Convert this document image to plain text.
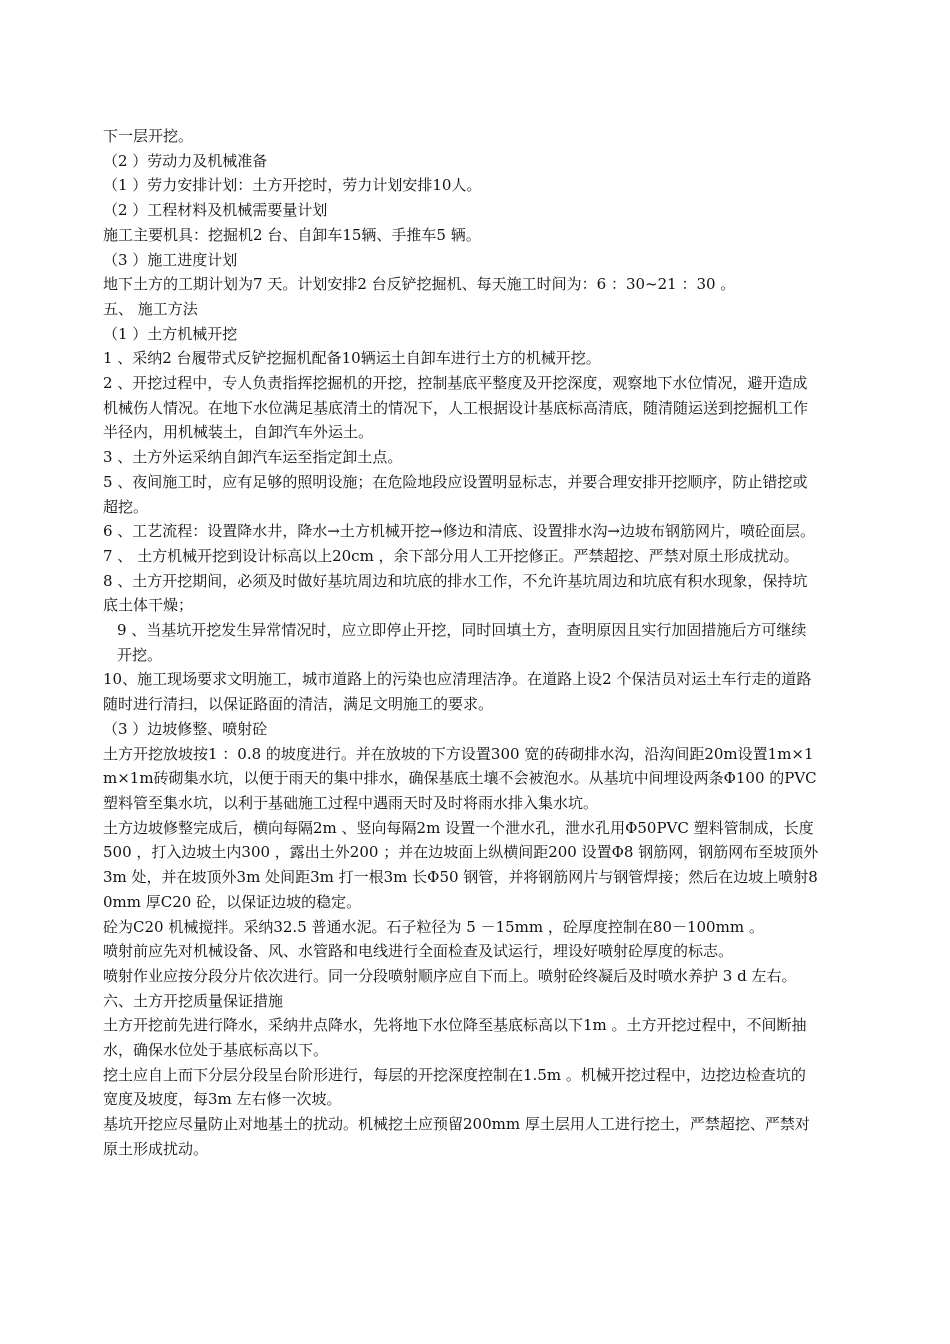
下一层开挖。

（2 ）劳动力及机械准备

（1 ）劳力安排计划：土方开挖时，劳力计划安排10人。

（2 ）工程材料及机械需要量计划

施工主要机具：挖掘机2 台、自卸车15辆、手推车5 辆。

（3 ）施工进度计划

地下土方的工期计划为7 天。计划安排2 台反铲挖掘机、每天施工时间为：6 ：30~21 ：30 。

五、 施工方法

（1 ）土方机械开挖

1 、采纳2 台履带式反铲挖掘机配备10辆运土自卸车进行土方的机械开挖。

2 、开挖过程中，专人负责指挥挖掘机的开挖，控制基底平整度及开挖深度，观察地下水位情况，避开造成机械伤人情况。在地下水位满足基底清土的情况下，人工根据设计基底标高清底，随清随运送到挖掘机工作半径内，用机械装土，自卸汽车外运土。

3 、土方外运采纳自卸汽车运至指定卸土点。

5 、夜间施工时，应有足够的照明设施；在危险地段应设置明显标志，并要合理安排开挖顺序，防止错挖或超挖。

6 、工艺流程：设置降水井，降水→土方机械开挖→修边和清底、设置排水沟→边坡布钢筋网片，喷砼面层。

7 、 土方机械开挖到设计标高以上20cm ，余下部分用人工开挖修正。严禁超挖、严禁对原土形成扰动。

8 、土方开挖期间，必须及时做好基坑周边和坑底的排水工作，不允许基坑周边和坑底有积水现象，保持坑底土体干燥；

9 、当基坑开挖发生异常情况时，应立即停止开挖，同时回填土方，查明原因且实行加固措施后方可继续开挖。

10、施工现场要求文明施工，城市道路上的污染也应清理洁净。在道路上设2 个保洁员对运土车行走的道路随时进行清扫，以保证路面的清洁，满足文明施工的要求。

（3 ）边坡修整、喷射砼

土方开挖放坡按1 ：0.8 的坡度进行。并在放坡的下方设置300 宽的砖砌排水沟，沿沟间距20m设置1m×1m×1m砖砌集水坑，以便于雨天的集中排水，确保基底土壤不会被泡水。从基坑中间埋设两条Φ100 的PVC塑料管至集水坑，以利于基础施工过程中遇雨天时及时将雨水排入集水坑。

土方边坡修整完成后，横向每隔2m 、竖向每隔2m 设置一个泄水孔，泄水孔用Φ50PVC 塑料管制成，长度500 ，打入边坡土内300 ，露出土外200 ；并在边坡面上纵横间距200 设置Φ8 钢筋网，钢筋网布至坡顶外3m 处，并在坡顶外3m 处间距3m 打一根3m 长Φ50 钢管，并将钢筋网片与钢管焊接；然后在边坡上喷射80mm 厚C20 砼，以保证边坡的稳定。

砼为C20 机械搅拌。采纳32.5 普通水泥。石子粒径为 5 －15mm ，砼厚度控制在80－100mm 。

喷射前应先对机械设备、风、水管路和电线进行全面检查及试运行，埋设好喷射砼厚度的标志。

喷射作业应按分段分片依次进行。同一分段喷射顺序应自下而上。喷射砼终凝后及时喷水养护 3 d 左右。

六、土方开挖质量保证措施

土方开挖前先进行降水，采纳井点降水，先将地下水位降至基底标高以下1m 。土方开挖过程中，不间断抽水，确保水位处于基底标高以下。

挖土应自上而下分层分段呈台阶形进行，每层的开挖深度控制在1.5m 。机械开挖过程中，边挖边检查坑的宽度及坡度，每3m 左右修一次坡。

基坑开挖应尽量防止对地基土的扰动。机械挖土应预留200mm 厚土层用人工进行挖土，严禁超挖、严禁对原土形成扰动。
